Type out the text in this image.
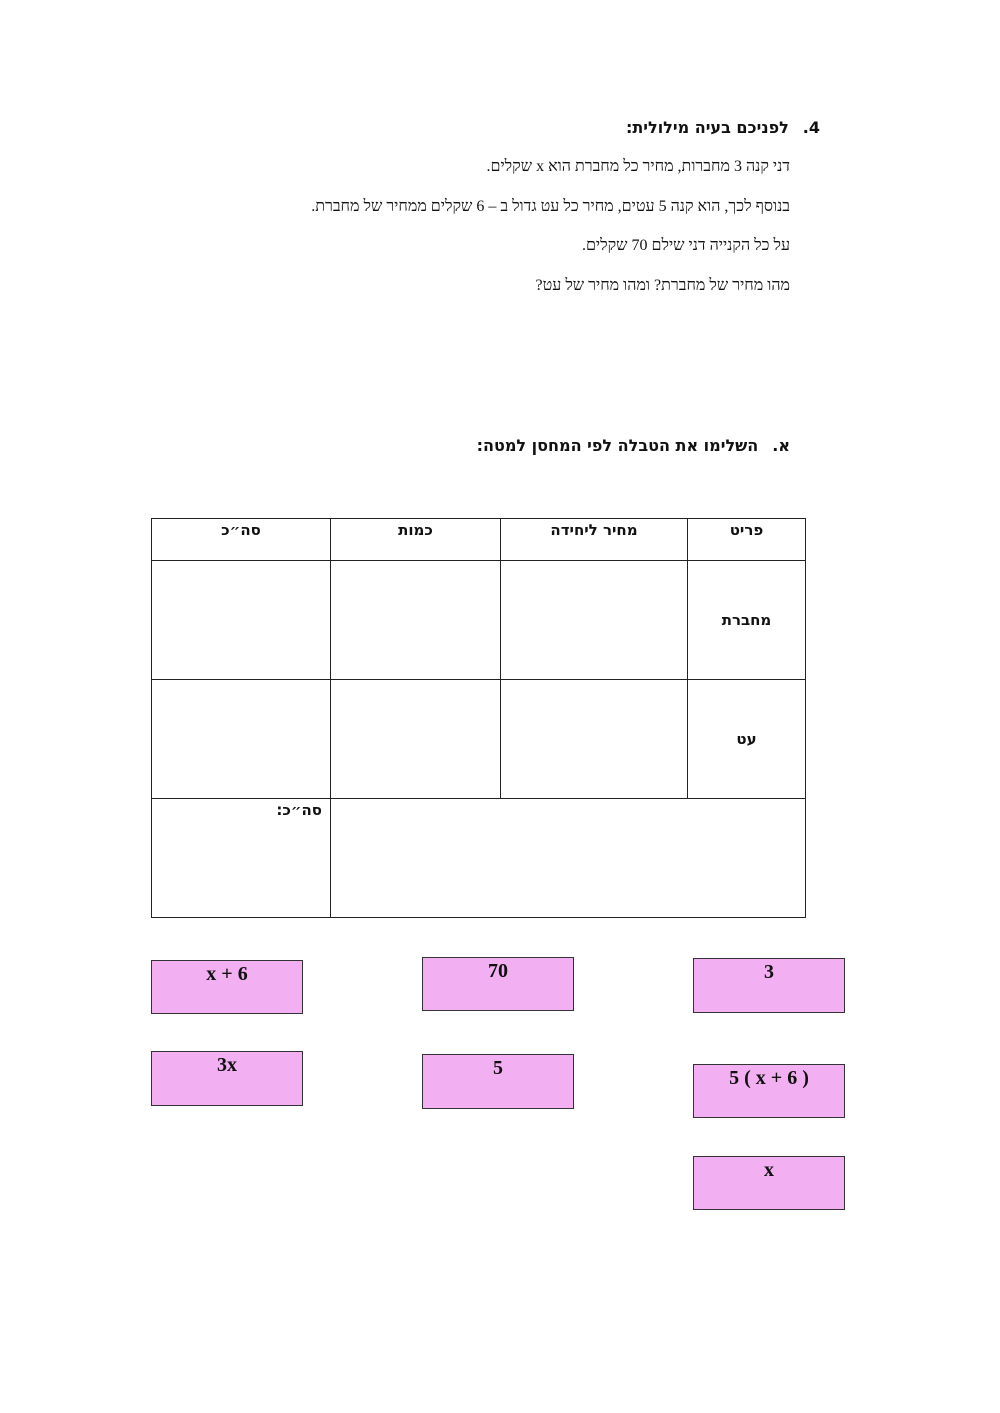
4.לפניכם בעיה מילולית:
דני קנה 3 מחברות, מחיר כל מחברת הוא x שקלים.
בנוסף לכך, הוא קנה 5 עטים, מחיר כל עט גדול ב – 6 שקלים ממחיר של מחברת.
על כל הקנייה דני שילם 70 שקלים.
מהו מחיר של מחברת? ומהו מחיר של עט?
א.השלימו את הטבלה לפי המחסן למטה:
פריט	מחיר ליחידה	כמות	סה״כ
מחברת			
עט			
			סה״כ:
x + 6	70	3
3x	5	5 ( x + 6 )
x
